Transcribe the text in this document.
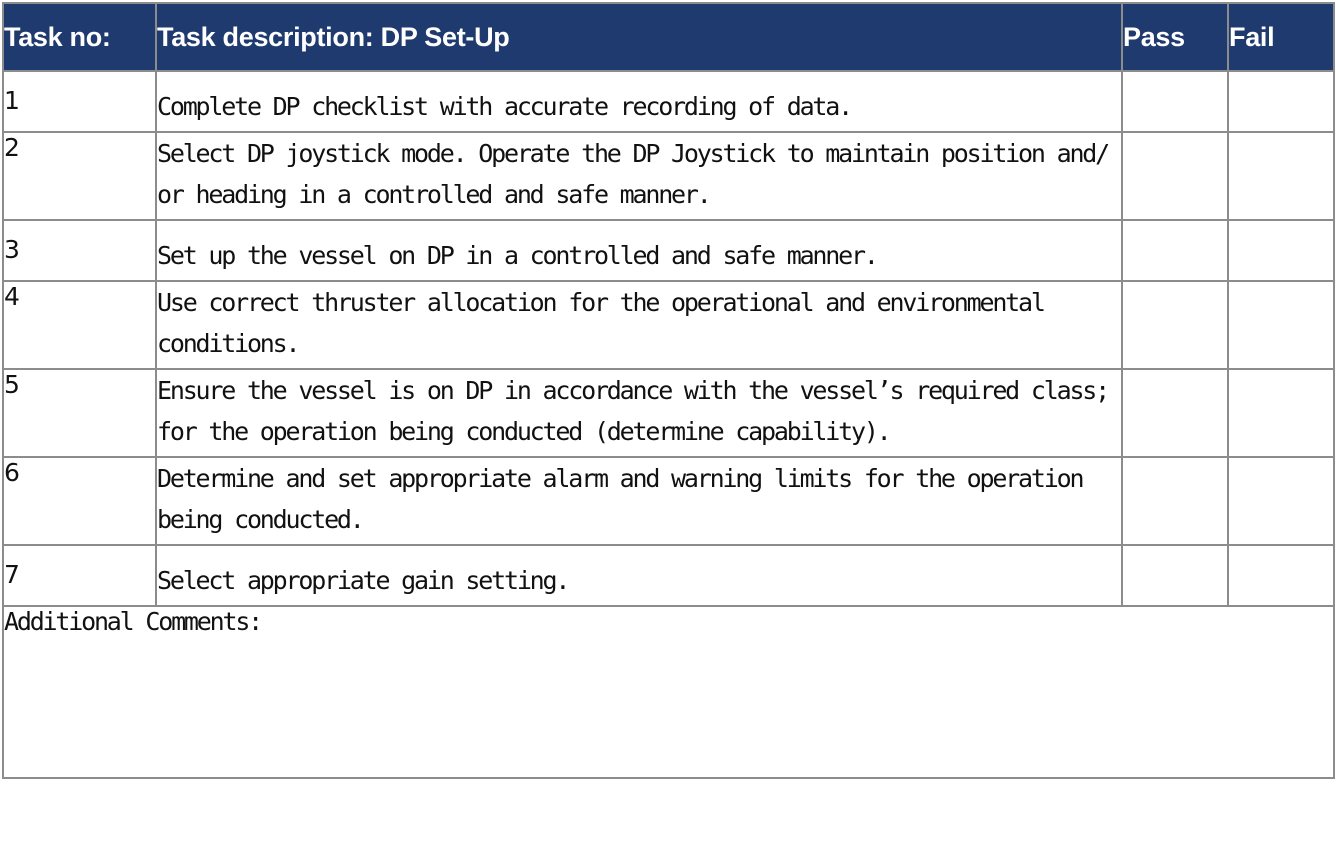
Task no:	Task description: DP Set-Up	Pass	Fail
1	Complete DP checklist with accurate recording of data.		

2	Select DP joystick mode. Operate the DP Joystick to maintain position and/ or heading in a controlled and safe manner.		

3	Set up the vessel on DP in a controlled and safe manner.		

4	Use correct thruster allocation for the operational and environmental conditions.		

5	Ensure the vessel is on DP in accordance with the vessel’s required class; for the operation being conducted (determine capability).		

6	Determine and set appropriate alarm and warning limits for the operation being conducted.		

7	Select appropriate gain setting.		

Additional Comments:			
